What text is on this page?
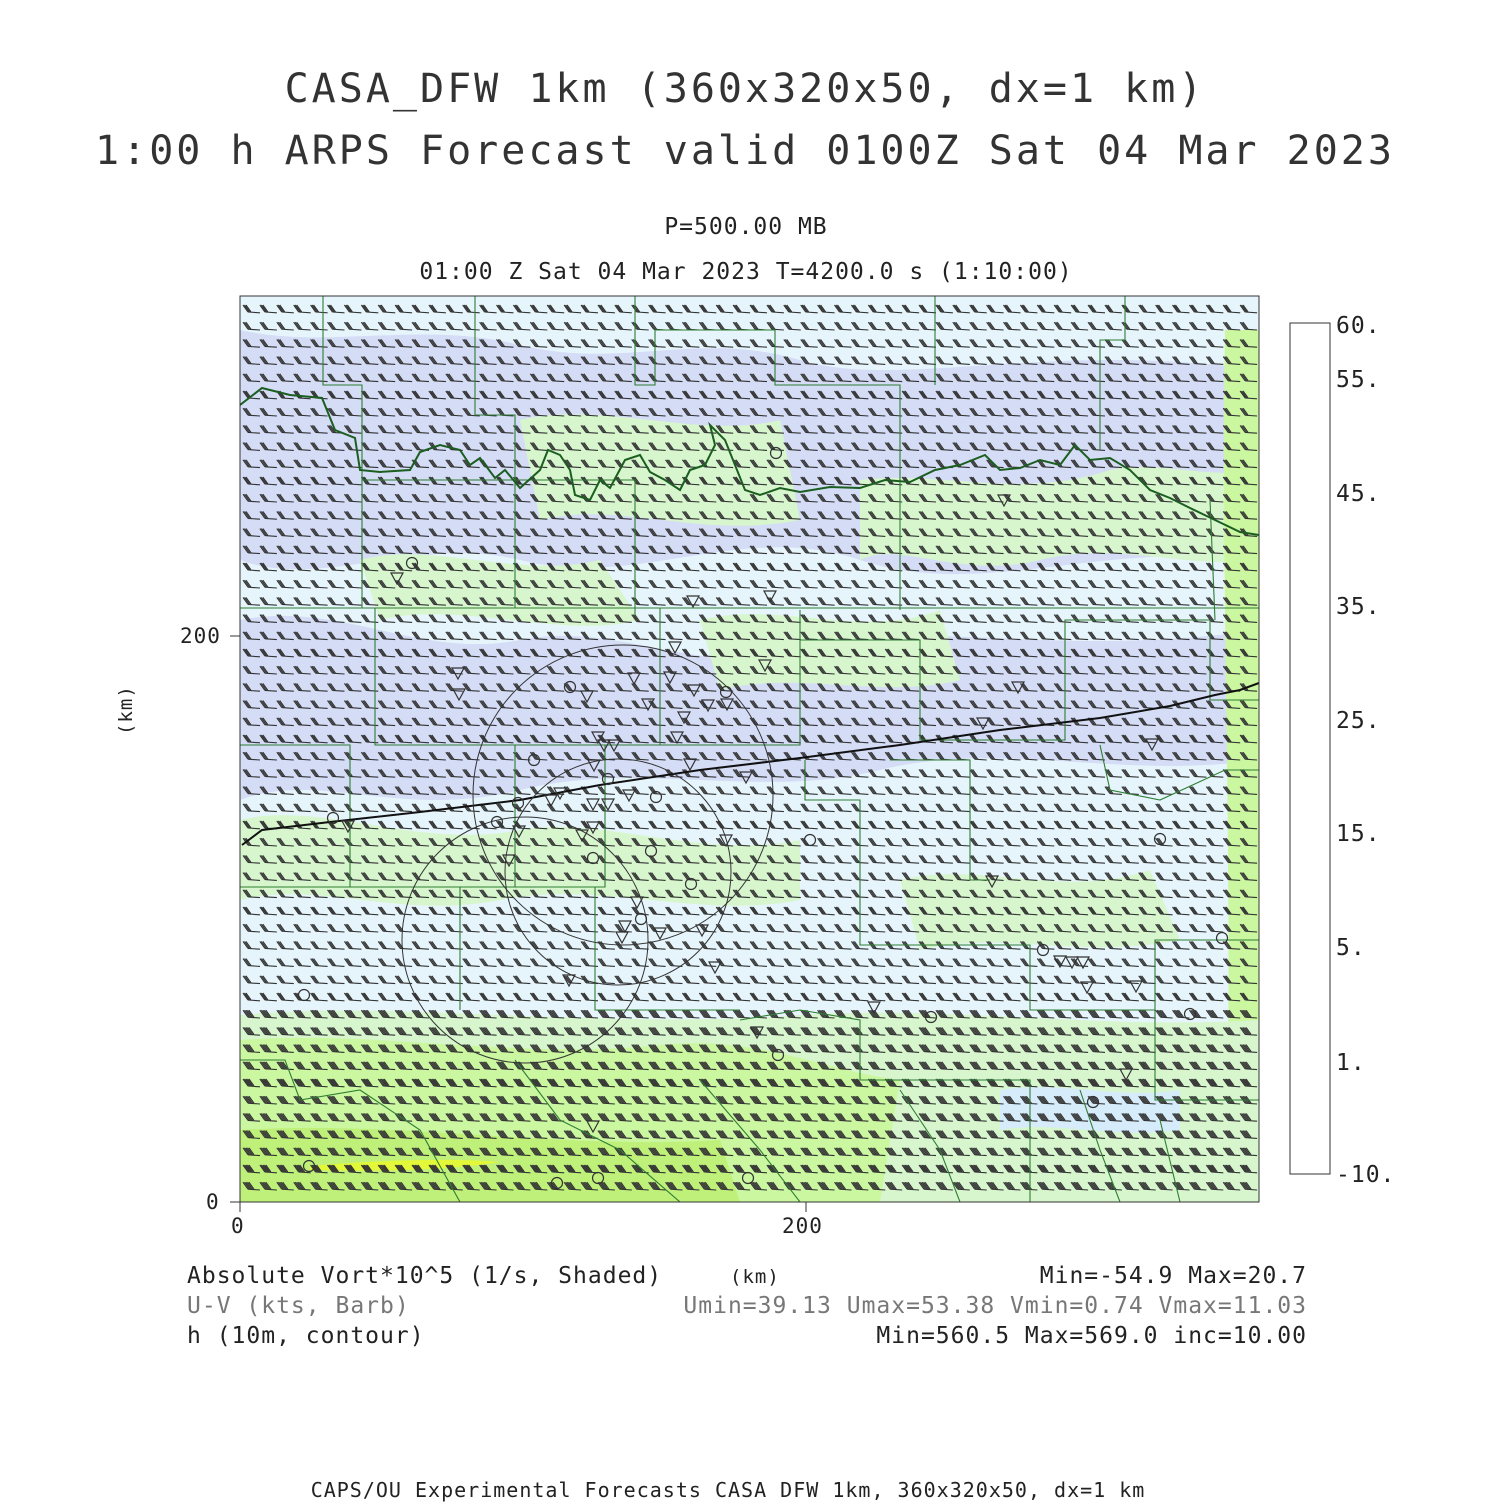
CASA_DFW 1km (360x320x50, dx=1 km)
1:00 h ARPS Forecast valid 0100Z Sat 04 Mar 2023
P=500.00 MB
01:00 Z Sat 04 Mar 2023 T=4200.0 s (1:10:00)
(km)
0
200
0	200
(km)
60.
55.
45.
35.
25.
15.
5.
1.
-10.
Absolute Vort*10^5 (1/s, Shaded)	Min=-54.9 Max=20.7
U-V (kts, Barb)	Umin=39.13 Umax=53.38 Vmin=0.74 Vmax=11.03
h (10m, contour)	Min=560.5 Max=569.0 inc=10.00
CAPS/OU Experimental Forecasts CASA DFW 1km, 360x320x50, dx=1 km
